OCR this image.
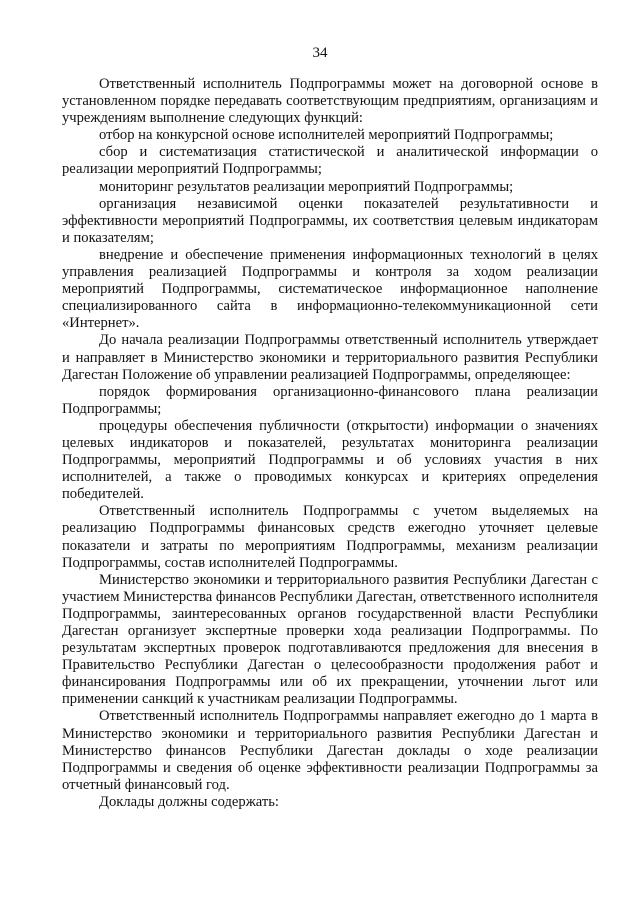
34

Ответственный исполнитель Подпрограммы может на договорной основе в установленном порядке передавать соответствующим предприятиям, организациям и учреждениям выполнение следующих функций:

отбор на конкурсной основе исполнителей мероприятий Подпрограммы;

сбор и систематизация статистической и аналитической информации о реализации мероприятий Подпрограммы;

мониторинг результатов реализации мероприятий Подпрограммы;

организация независимой оценки показателей результативности и эффективности мероприятий Подпрограммы, их соответствия целевым индикаторам и показателям;

внедрение и обеспечение применения информационных технологий в целях управления реализацией Подпрограммы и контроля за ходом реализации мероприятий Подпрограммы, систематическое информационное наполнение специализированного сайта в информационно-телекоммуникационной сети «Интернет».

До начала реализации Подпрограммы ответственный исполнитель утверждает и направляет в Министерство экономики и территориального развития Республики Дагестан Положение об управлении реализацией Подпрограммы, определяющее:

порядок формирования организационно-финансового плана реализации Подпрограммы;

процедуры обеспечения публичности (открытости) информации о значениях целевых индикаторов и показателей, результатах мониторинга реализации Подпрограммы, мероприятий Подпрограммы и об условиях участия в них исполнителей, а также о проводимых конкурсах и критериях определения победителей.

Ответственный исполнитель Подпрограммы с учетом выделяемых на реализацию Подпрограммы финансовых средств ежегодно уточняет целевые показатели и затраты по мероприятиям Подпрограммы, механизм реализации Подпрограммы, состав исполнителей Подпрограммы.

Министерство экономики и территориального развития Республики Дагестан с участием Министерства финансов Республики Дагестан, ответственного исполнителя Подпрограммы, заинтересованных органов государственной власти Республики Дагестан организует экспертные проверки хода реализации Подпрограммы. По результатам экспертных проверок подготавливаются предложения для внесения в Правительство Республики Дагестан о целесообразности продолжения работ и финансирования Подпрограммы или об их прекращении, уточнении льгот или применении санкций к участникам реализации Подпрограммы.

Ответственный исполнитель Подпрограммы направляет ежегодно до 1 марта в Министерство экономики и территориального развития Республики Дагестан и Министерство финансов Республики Дагестан доклады о ходе реализации Подпрограммы и сведения об оценке эффективности реализации Подпрограммы за отчетный финансовый год.

Доклады должны содержать:
